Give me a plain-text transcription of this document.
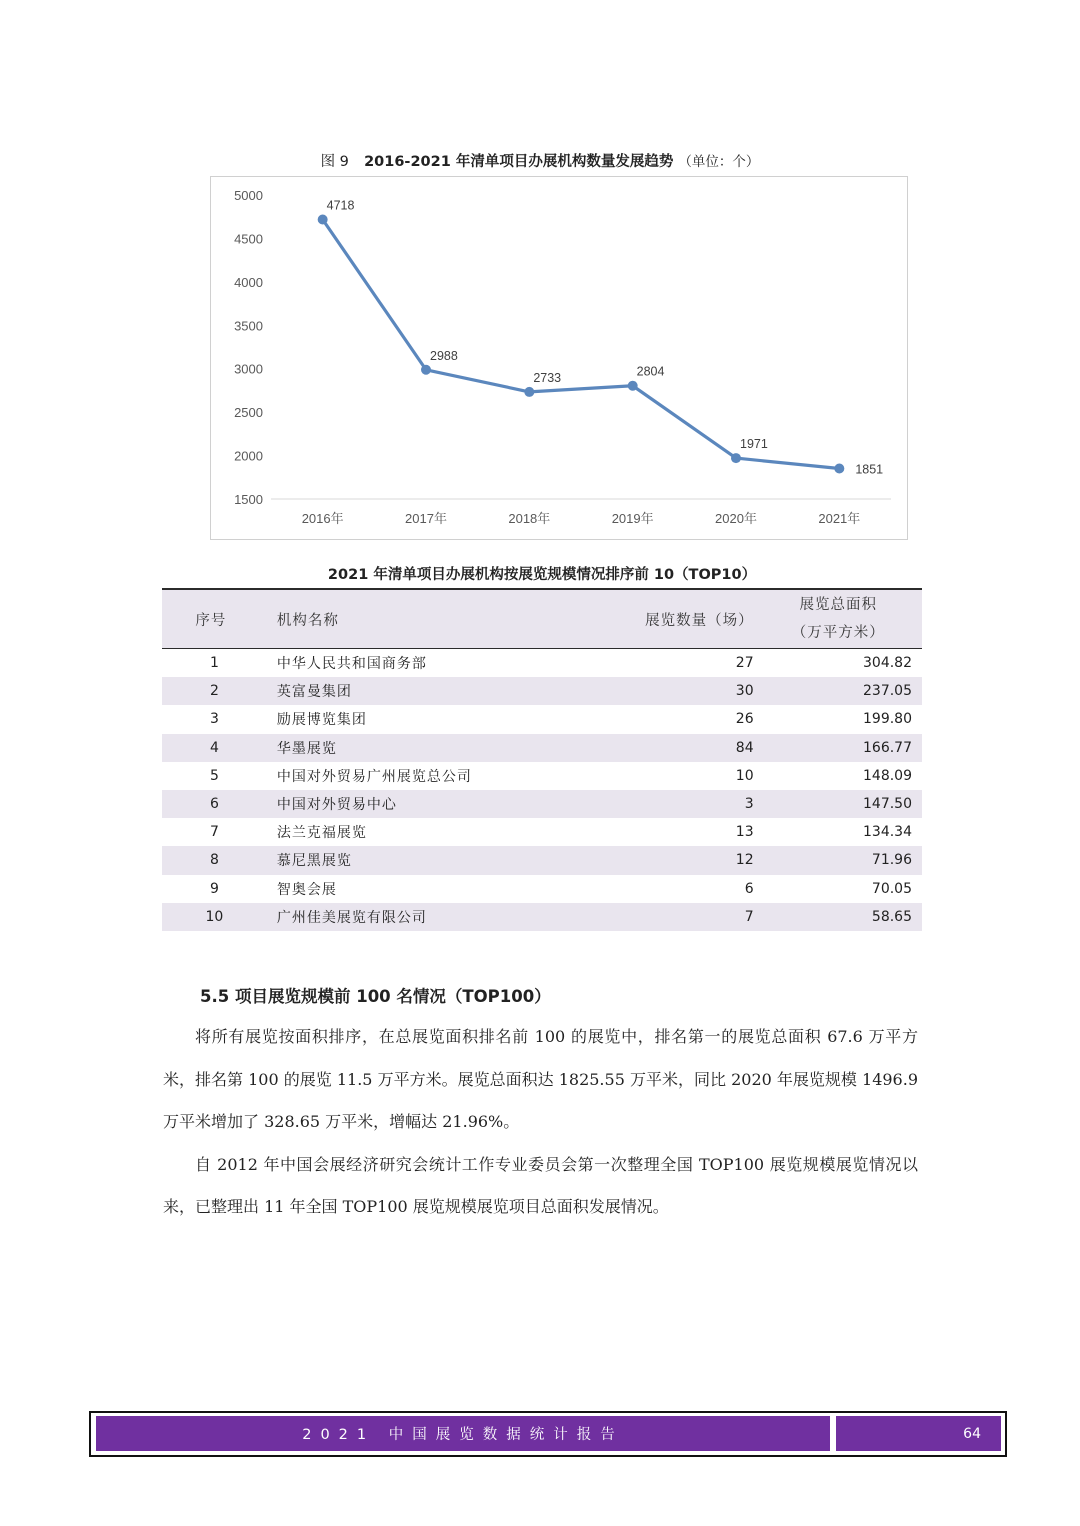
图 9 2016-2021 年清单项目办展机构数量发展趋势 （单位：个）
1500
2000
2500
3000
3500
4000
4500
5000
2016年	2017年	2018年	2019年	2020年	2021年
4718
2988
2733	2804
1971
1851
2021 年清单项目办展机构按展览规模情况排序前 10（TOP10）
序号	机构名称	展览数量（场）	展览总面积
（万平方米）

1	中华人民共和国商务部	27	304.82
2	英富曼集团	30	237.05
3	励展博览集团	26	199.80
4	华墨展览	84	166.77
5	中国对外贸易广州展览总公司	10	148.09
6	中国对外贸易中心	3	147.50
7	法兰克福展览	13	134.34
8	慕尼黑展览	12	71.96
9	智奥会展	6	70.05
10	广州佳美展览有限公司	7	58.65
5.5 项目展览规模前 100 名情况（TOP100）

将所有展览按面积排序，在总展览面积排名前 100 的展览中，排名第一的展览总面积 67.6 万平方米，排名第 100 的展览 11.5 万平方米。展览总面积达 1825.55 万平米，同比 2020 年展览规模 1496.9 万平米增加了 328.65 万平米，增幅达 21.96%。

自 2012 年中国会展经济研究会统计工作专业委员会第一次整理全国 TOP100 展览规模展览情况以来，已整理出 11 年全国 TOP100 展览规模展览项目总面积发展情况。

2021 中国展览数据统计报告	64
